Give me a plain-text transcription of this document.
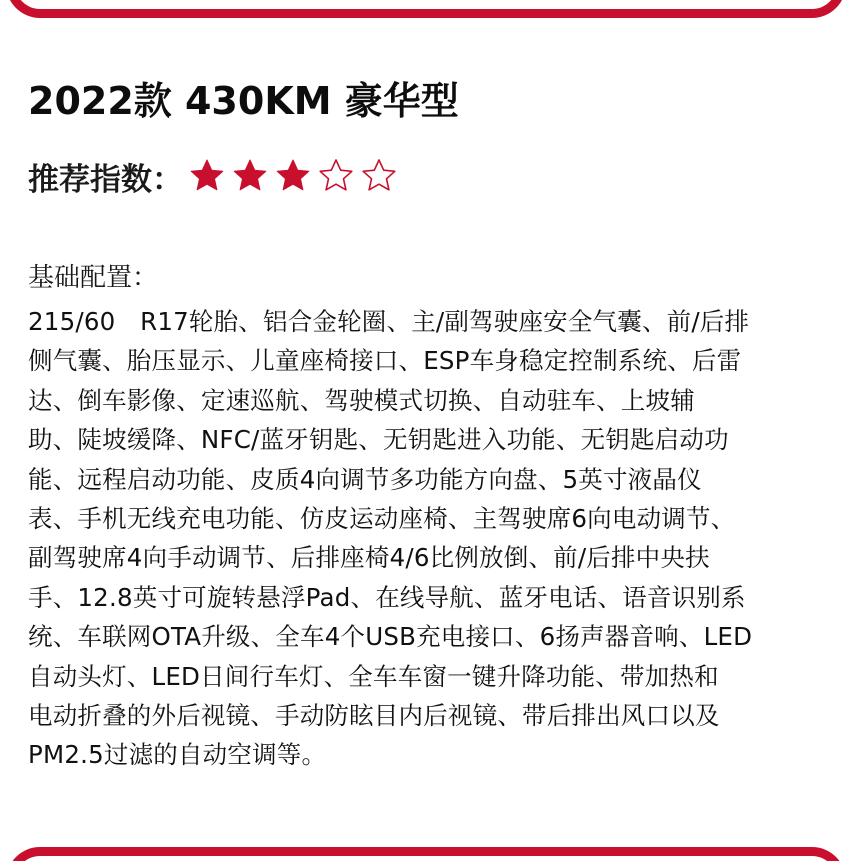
2022款 430KM 豪华型
推荐指数：
基础配置：
215/60　R17轮胎、铝合金轮圈、主/副驾驶座安全气囊、前/后排
侧气囊、胎压显示、儿童座椅接口、ESP车身稳定控制系统、后雷
达、倒车影像、定速巡航、驾驶模式切换、自动驻车、上坡辅
助、陡坡缓降、NFC/蓝牙钥匙、无钥匙进入功能、无钥匙启动功
能、远程启动功能、皮质4向调节多功能方向盘、5英寸液晶仪
表、手机无线充电功能、仿皮运动座椅、主驾驶席6向电动调节、
副驾驶席4向手动调节、后排座椅4/6比例放倒、前/后排中央扶
手、12.8英寸可旋转悬浮Pad、在线导航、蓝牙电话、语音识别系
统、车联网OTA升级、全车4个USB充电接口、6扬声器音响、LED
自动头灯、LED日间行车灯、全车车窗一键升降功能、带加热和
电动折叠的外后视镜、手动防眩目内后视镜、带后排出风口以及
PM2.5过滤的自动空调等。
